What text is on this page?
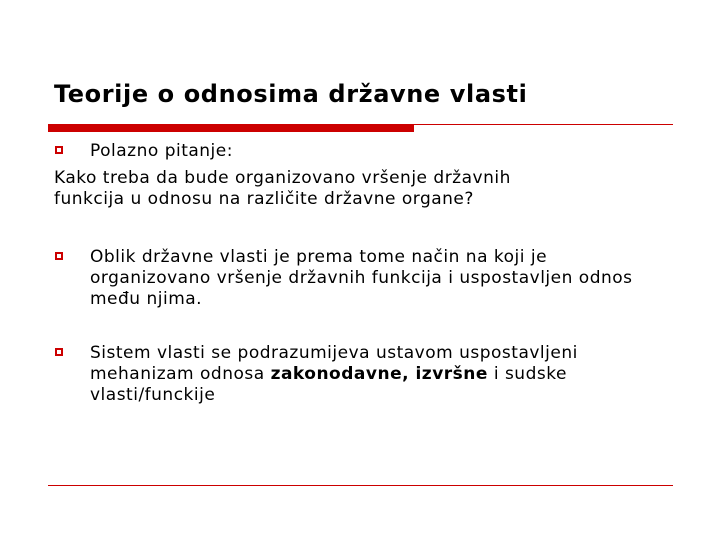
Teorije o odnosima državne vlasti
Polazno pitanje:
Kako treba da bude organizovano vršenje državnih
funkcija u odnosu na različite državne organe?
Oblik državne vlasti je prema tome način na koji je organizovano vršenje državnih funkcija i uspostavljen odnos među njima.
Sistem vlasti se podrazumijeva ustavom uspostavljeni mehanizam odnosa zakonodavne, izvršne i sudske vlasti/funckije
